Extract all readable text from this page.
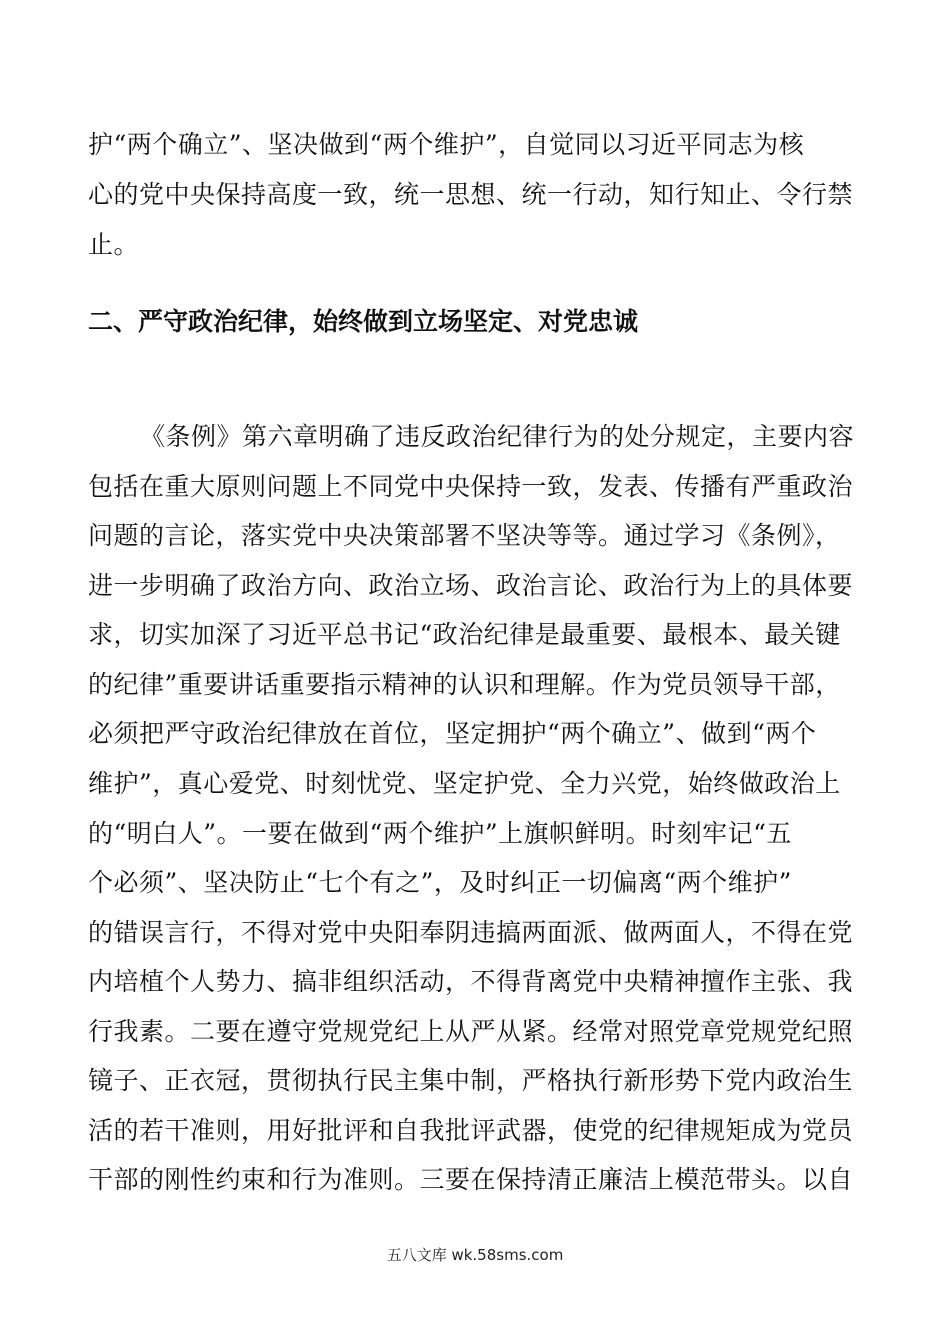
护“两个确立”、坚决做到“两个维护”，自觉同以习近平同志为核
心的党中央保持高度一致，统一思想、统一行动，知行知止、令行禁
止。
二、严守政治纪律，始终做到立场坚定、对党忠诚
《条例》第六章明确了违反政治纪律行为的处分规定，主要内容
包括在重大原则问题上不同党中央保持一致，发表、传播有严重政治
问题的言论，落实党中央决策部署不坚决等等。通过学习《条例》，
进一步明确了政治方向、政治立场、政治言论、政治行为上的具体要
求，切实加深了习近平总书记“政治纪律是最重要、最根本、最关键
的纪律”重要讲话重要指示精神的认识和理解。作为党员领导干部，
必须把严守政治纪律放在首位，坚定拥护“两个确立”、做到“两个
维护”，真心爱党、时刻忧党、坚定护党、全力兴党，始终做政治上
的“明白人”。一要在做到“两个维护”上旗帜鲜明。时刻牢记“五
个必须”、坚决防止“七个有之”，及时纠正一切偏离“两个维护”
的错误言行，不得对党中央阳奉阴违搞两面派、做两面人，不得在党
内培植个人势力、搞非组织活动，不得背离党中央精神擅作主张、我
行我素。二要在遵守党规党纪上从严从紧。经常对照党章党规党纪照
镜子、正衣冠，贯彻执行民主集中制，严格执行新形势下党内政治生
活的若干准则，用好批评和自我批评武器，使党的纪律规矩成为党员
干部的刚性约束和行为准则。三要在保持清正廉洁上模范带头。以自
五八文库 wk.58sms.com
